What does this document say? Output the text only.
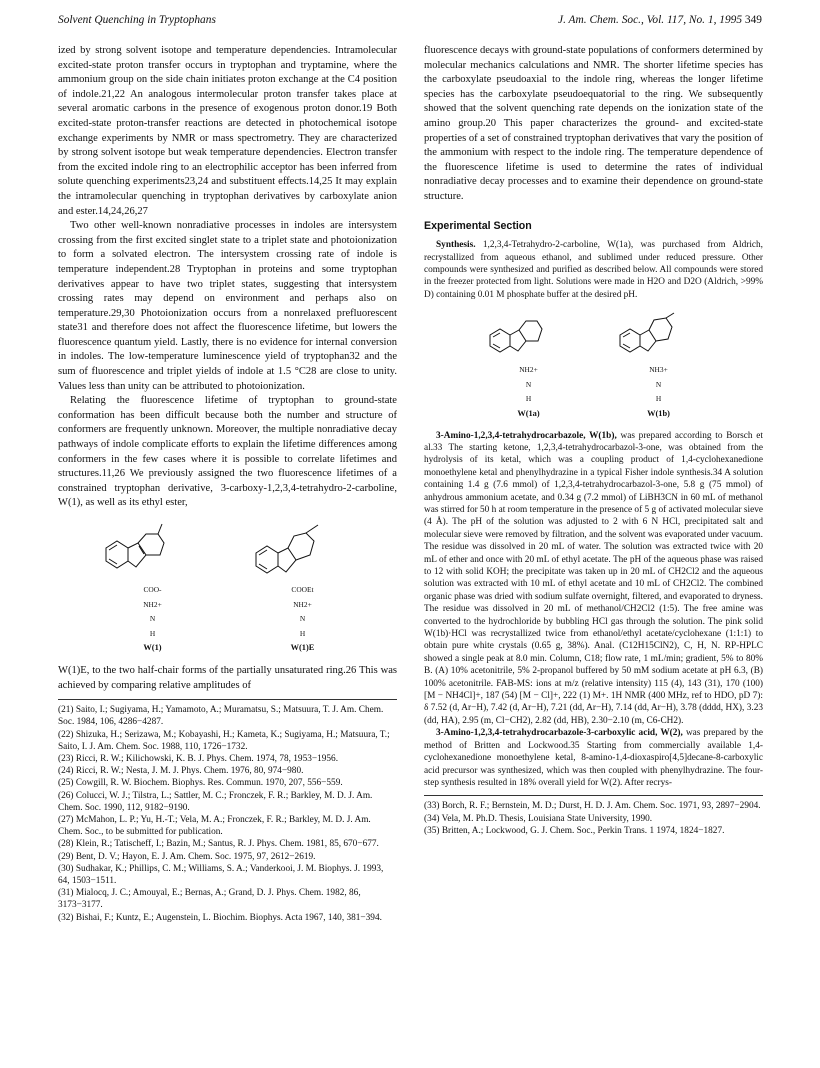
Solvent Quenching in Tryptophans	J. Am. Chem. Soc., Vol. 117, No. 1, 1995 349

ized by strong solvent isotope and temperature dependencies. Intramolecular excited-state proton transfer occurs in tryptophan and tryptamine, where the ammonium group on the side chain initiates proton exchange at the C4 position of indole.21,22 An analogous intermolecular proton transfer takes place at several aromatic carbons in the presence of exogenous proton donor.19 Both excited-state proton-transfer reactions are detected in photochemical isotope exchange experiments by NMR or mass spectrometry. They are characterized by strong solvent isotope but weak temperature dependencies. Electron transfer from the excited indole ring to an electrophilic acceptor has been inferred from solute quenching experiments23,24 and substituent effects.14,25 It may explain the intramolecular quenching in tryptophan derivatives by carboxylate anion and ester.14,24,26,27

Two other well-known nonradiative processes in indoles are intersystem crossing from the first excited singlet state to a triplet state and photoionization to form a solvated electron. The intersystem crossing rate of indole is temperature independent.28 Tryptophan in proteins and some tryptophan derivatives appear to have two triplet states, suggesting that intersystem crossing rates may depend on environment and perhaps also on temperature.29,30 Photoionization occurs from a nonrelaxed prefluorescent state31 and therefore does not affect the fluorescence lifetime, but lowers the fluorescence quantum yield. Lastly, there is no evidence for internal conversion in indoles. The low-temperature luminescence yield of tryptophan32 and the sum of fluorescence and triplet yields of indole at 1.5 °C28 are close to unity. Values less than unity can be attributed to photoionization.

Relating the fluorescence lifetime of tryptophan to ground-state conformation has been difficult because both the number and structure of conformers are frequently unknown. Moreover, the multiple nonradiative decay pathways of indole complicate efforts to explain the lifetime differences among conformers in the few cases where it is possible to correlate lifetimes and structures.11,26 We previously assigned the two fluorescence lifetimes of a constrained tryptophan derivative, 3-carboxy-1,2,3,4-tetrahydro-2-carboline, W(1), as well as its ethyl ester,

COO-
NH2+
N
H
W(1)
COOEt
NH2+
N
H
W(1)E

W(1)E, to the two half-chair forms of the partially unsaturated ring.26 This was achieved by comparing relative amplitudes of

(21) Saito, I.; Sugiyama, H.; Yamamoto, A.; Muramatsu, S.; Matsuura, T. J. Am. Chem. Soc. 1984, 106, 4286−4287.

(22) Shizuka, H.; Serizawa, M.; Kobayashi, H.; Kameta, K.; Sugiyama, H.; Matsuura, T.; Saito, I. J. Am. Chem. Soc. 1988, 110, 1726−1732.

(23) Ricci, R. W.; Kilichowski, K. B. J. Phys. Chem. 1974, 78, 1953−1956.

(24) Ricci, R. W.; Nesta, J. M. J. Phys. Chem. 1976, 80, 974−980.

(25) Cowgill, R. W. Biochem. Biophys. Res. Commun. 1970, 207, 556−559.

(26) Colucci, W. J.; Tilstra, L.; Sattler, M. C.; Fronczek, F. R.; Barkley, M. D. J. Am. Chem. Soc. 1990, 112, 9182−9190.

(27) McMahon, L. P.; Yu, H.-T.; Vela, M. A.; Fronczek, F. R.; Barkley, M. D. J. Am. Chem. Soc., to be submitted for publication.

(28) Klein, R.; Tatischeff, I.; Bazin, M.; Santus, R. J. Phys. Chem. 1981, 85, 670−677.

(29) Bent, D. V.; Hayon, E. J. Am. Chem. Soc. 1975, 97, 2612−2619.

(30) Sudhakar, K.; Phillips, C. M.; Williams, S. A.; Vanderkooi, J. M. Biophys. J. 1993, 64, 1503−1511.

(31) Mialocq, J. C.; Amouyal, E.; Bernas, A.; Grand, D. J. Phys. Chem. 1982, 86, 3173−3177.

(32) Bishai, F.; Kuntz, E.; Augenstein, L. Biochim. Biophys. Acta 1967, 140, 381−394.

fluorescence decays with ground-state populations of conformers determined by molecular mechanics calculations and NMR. The shorter lifetime species has the carboxylate pseudoaxial to the indole ring, whereas the longer lifetime species has the carboxylate pseudoequatorial to the ring. We subsequently showed that the solvent quenching rate depends on the ionization state of the amino group.20 This paper characterizes the ground- and excited-state properties of a set of constrained tryptophan derivatives that vary the position of the ammonium with respect to the indole ring. The temperature dependence of the fluorescence lifetime is used to determine the rates of individual nonradiative decay processes and to examine their dependence on ground-state structure.

Experimental Section

Synthesis. 1,2,3,4-Tetrahydro-2-carboline, W(1a), was purchased from Aldrich, recrystallized from aqueous ethanol, and sublimed under reduced pressure. Other compounds were synthesized and purified as described below. All compounds were stored in the freezer protected from light. Solutions were made in H2O and D2O (Aldrich, >99% D) containing 0.01 M phosphate buffer at the desired pH.

NH2+
N
H
W(1a)
NH3+
N
H
W(1b)

3-Amino-1,2,3,4-tetrahydrocarbazole, W(1b), was prepared according to Borsch et al.33 The starting ketone, 1,2,3,4-tetrahydrocarbazol-3-one, was obtained from the hydrolysis of its ketal, which was a coupling product of 1,4-cyclohexanedione monoethylene ketal and phenylhydrazine in a typical Fisher indole synthesis.34 A solution containing 1.4 g (7.6 mmol) of 1,2,3,4-tetrahydrocarbazol-3-one, 5.8 g (75 mmol) of anhydrous ammonium acetate, and 0.34 g (7.2 mmol) of LiBH3CN in 60 mL of methanol was stirred for 50 h at room temperature in the presence of 5 g of activated molecular sieve (4 Å). The pH of the solution was adjusted to 2 with 6 N HCl, precipitated salt and molecular sieve were removed by filtration, and the solvent was evaporated under vacuum. The residue was dissolved in 20 mL of water. The solution was extracted twice with 20 mL of ether and once with 20 mL of ethyl acetate. The pH of the aqueous phase was raised to 12 with solid KOH; the precipitate was taken up in 20 mL of CH2Cl2 and the aqueous solution was extracted with 10 mL of ethyl acetate and 10 mL of CH2Cl2. The combined organic phase was dried with sodium sulfate overnight, filtered, and evaporated to dryness. The residue was dissolved in 20 mL of methanol/CH2Cl2 (1:5). The free amine was converted to the hydrochloride by bubbling HCl gas through the solution. The pink solid W(1b)·HCl was recrystallized twice from ethanol/ethyl acetate/cyclohexane (1:1:1) to obtain pure white crystals (0.65 g, 38%). Anal. (C12H15ClN2), C, H, N. RP-HPLC showed a single peak at 8.0 min. Column, C18; flow rate, 1 mL/min; gradient, 5% to 80% B. (A) 10% acetonitrile, 5% 2-propanol buffered by 50 mM sodium acetate at pH 6.3, (B) 100% acetonitrile. FAB-MS: ions at m/z (relative intensity) 115 (4), 143 (31), 170 (100) [M − NH4Cl]+, 187 (54) [M − Cl]+, 222 (1) M+. 1H NMR (400 MHz, ref to HDO, pD 7): δ 7.52 (d, Ar−H), 7.42 (d, Ar−H), 7.21 (dd, Ar−H), 7.14 (dd, Ar−H), 3.78 (dddd, HX), 3.23 (dd, HA), 2.95 (m, Cl−CH2), 2.82 (dd, HB), 2.30−2.10 (m, C6-CH2).

3-Amino-1,2,3,4-tetrahydrocarbazole-3-carboxylic acid, W(2), was prepared by the method of Britten and Lockwood.35 Starting from commercially available 1,4-cyclohexanedione monoethylene ketal, 8-amino-1,4-dioxaspiro[4,5]decane-8-carboxylic acid precursor was synthesized, which was then coupled with phenylhydrazine. The four-step synthesis resulted in 18% overall yield for W(2). After recrys-

(33) Borch, R. F.; Bernstein, M. D.; Durst, H. D. J. Am. Chem. Soc. 1971, 93, 2897−2904.

(34) Vela, M. Ph.D. Thesis, Louisiana State University, 1990.

(35) Britten, A.; Lockwood, G. J. Chem. Soc., Perkin Trans. 1 1974, 1824−1827.
